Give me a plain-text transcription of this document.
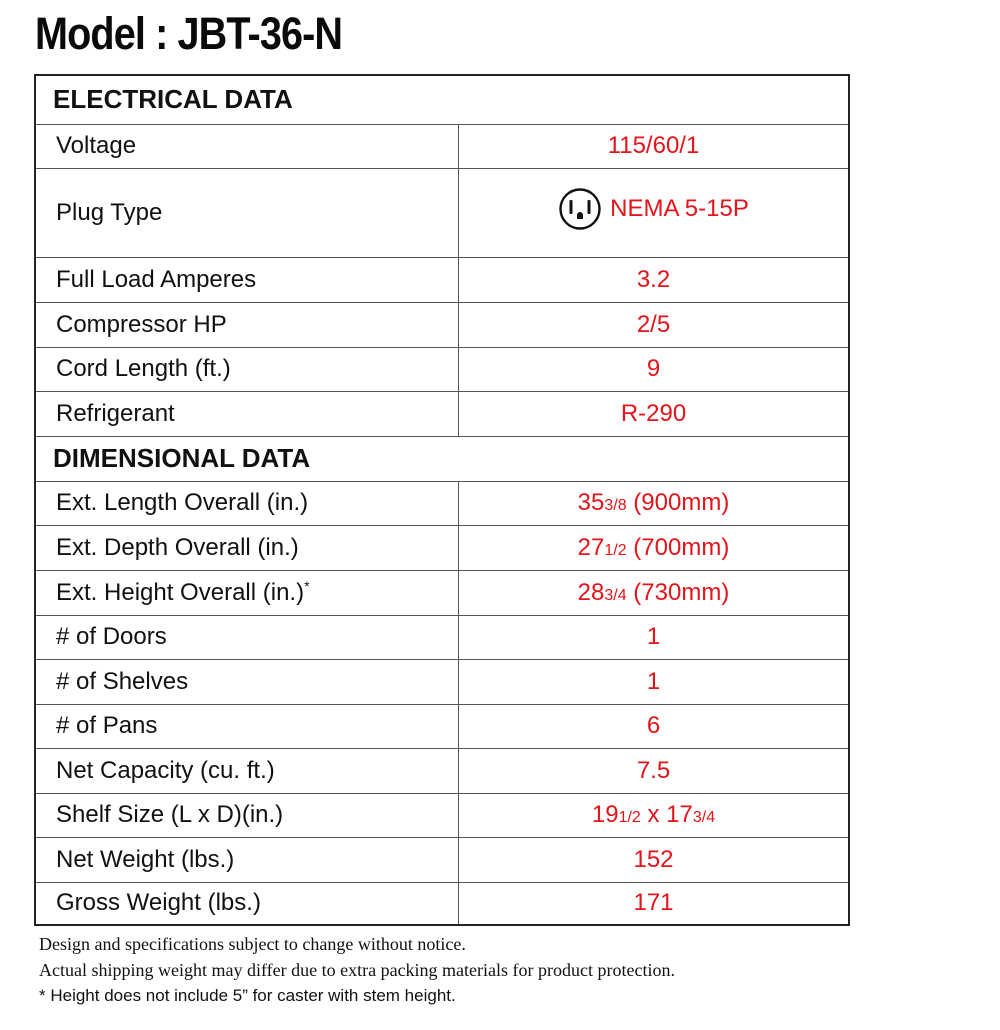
Model : JBT-36-N
ELECTRICAL DATA	
Voltage	115/60/1
Plug Type	NEMA 5-15P

Full Load Amperes	3.2
Compressor HP	2/5
Cord Length (ft.)	9
Refrigerant	R-290
DIMENSIONAL DATA	
Ext. Length Overall (in.)	353/8 (900mm)
Ext. Depth Overall (in.)	271/2 (700mm)
Ext. Height Overall (in.)*	283/4 (730mm)
# of Doors	1
# of Shelves	1
# of Pans	6
Net Capacity (cu. ft.)	7.5
Shelf Size (L x D)(in.)	191/2 x 173/4
Net Weight (lbs.)	152
Gross Weight (lbs.)	171
Design and specifications subject to change without notice.
Actual shipping weight may differ due to extra packing materials for product protection.
* Height does not include 5” for caster with stem height.
